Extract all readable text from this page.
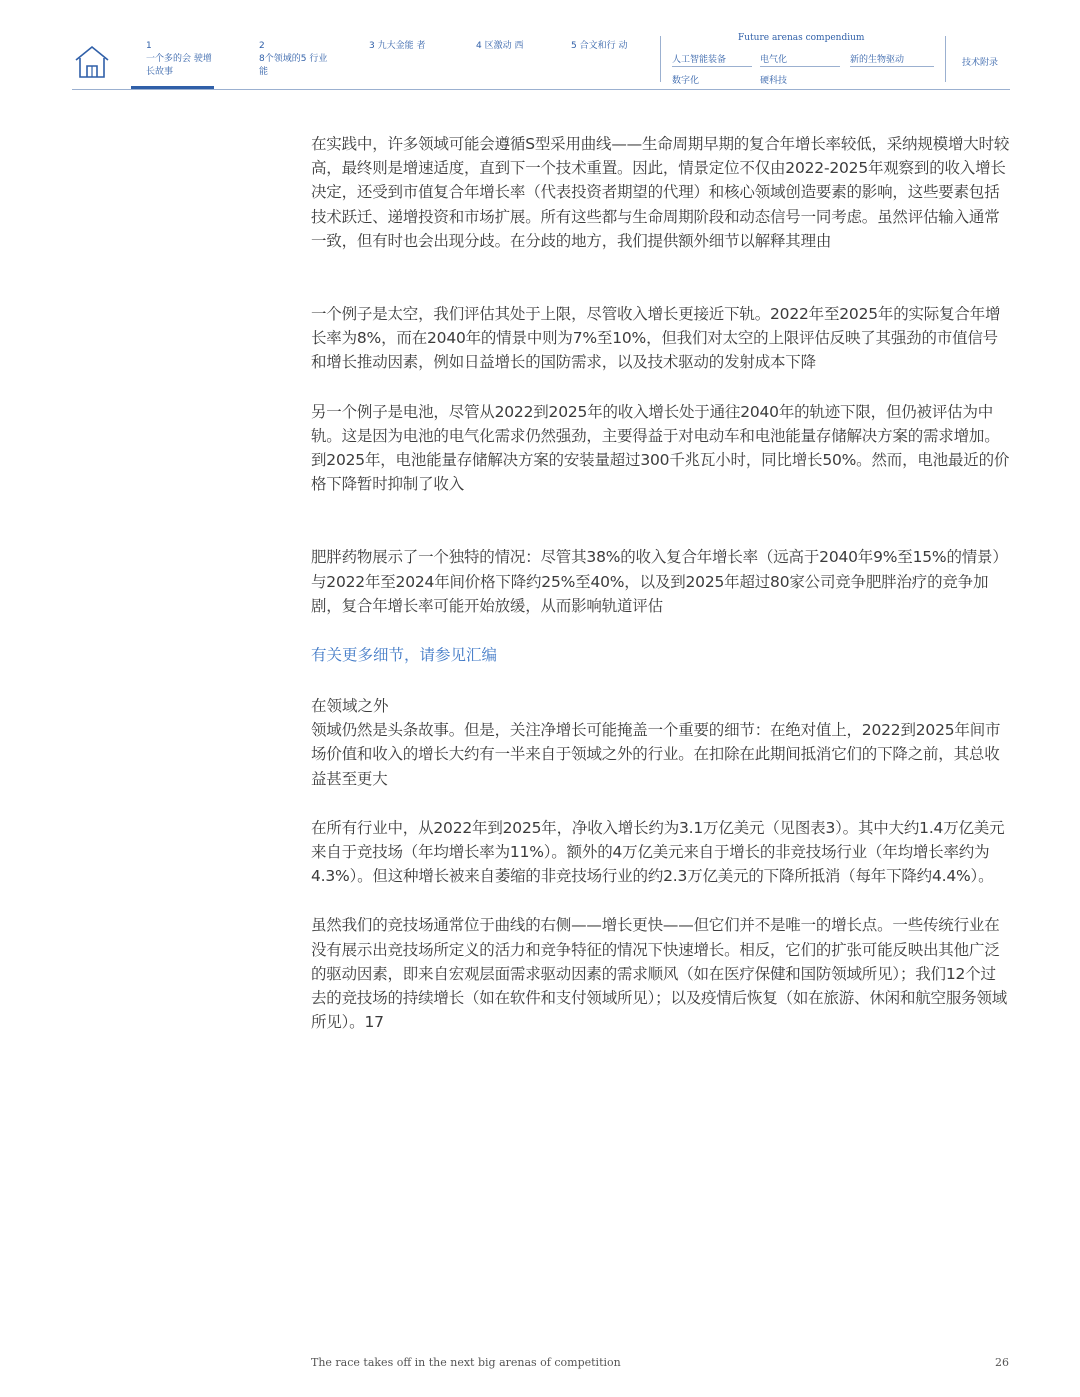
1
一个多的会 驶增长故事
2
8个领域的5 行业能
3 九大金能 者	4 区激动 西	5 合文和行 动
Future arenas compendium
人工智能装备	电气化	新的生物驱动
数字化	硬科技
技术附录

在实践中，许多领域可能会遵循S型采用曲线——生命周期早期的复合年增长率较低，采纳规模增大时较高，最终则是增速适度，直到下一个技术重置。因此，情景定位不仅由2022-2025年观察到的收入增长决定，还受到市值复合年增长率（代表投资者期望的代理）和核心领域创造要素的影响，这些要素包括技术跃迁、递增投资和市场扩展。所有这些都与生命周期阶段和动态信号一同考虑。虽然评估输入通常一致，但有时也会出现分歧。在分歧的地方，我们提供额外细节以解释其理由

一个例子是太空，我们评估其处于上限，尽管收入增长更接近下轨。2022年至2025年的实际复合年增长率为8%，而在2040年的情景中则为7%至10%，但我们对太空的上限评估反映了其强劲的市值信号和增长推动因素，例如日益增长的国防需求，以及技术驱动的发射成本下降

另一个例子是电池，尽管从2022到2025年的收入增长处于通往2040年的轨迹下限，但仍被评估为中轨。这是因为电池的电气化需求仍然强劲，主要得益于对电动车和电池能量存储解决方案的需求增加。到2025年，电池能量存储解决方案的安装量超过300千兆瓦小时，同比增长50%。然而，电池最近的价格下降暂时抑制了收入

肥胖药物展示了一个独特的情况：尽管其38%的收入复合年增长率（远高于2040年9%至15%的情景）与2022年至2024年间价格下降约25%至40%，以及到2025年超过80家公司竞争肥胖治疗的竞争加剧，复合年增长率可能开始放缓，从而影响轨道评估

有关更多细节，请参见汇编

在领域之外

领域仍然是头条故事。但是，关注净增长可能掩盖一个重要的细节：在绝对值上，2022到2025年间市场价值和收入的增长大约有一半来自于领域之外的行业。在扣除在此期间抵消它们的下降之前，其总收益甚至更大

在所有行业中，从2022年到2025年，净收入增长约为3.1万亿美元（见图表3）。其中大约1.4万亿美元来自于竞技场（年均增长率为11%）。额外的4万亿美元来自于增长的非竞技场行业（年均增长率约为4.3%）。但这种增长被来自萎缩的非竞技场行业的约2.3万亿美元的下降所抵消（每年下降约4.4%）。

虽然我们的竞技场通常位于曲线的右侧——增长更快——但它们并不是唯一的增长点。一些传统行业在没有展示出竞技场所定义的活力和竞争特征的情况下快速增长。相反，它们的扩张可能反映出其他广泛的驱动因素，即来自宏观层面需求驱动因素的需求顺风（如在医疗保健和国防领域所见）；我们12个过去的竞技场的持续增长（如在软件和支付领域所见）；以及疫情后恢复（如在旅游、休闲和航空服务领域所见）。17

The race takes off in the next big arenas of competition	26
